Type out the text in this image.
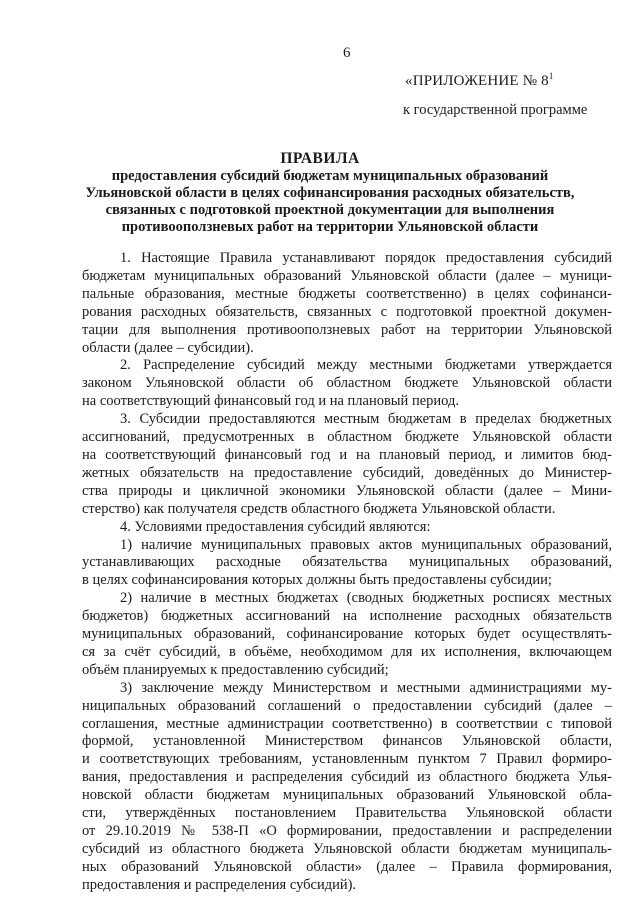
6
«ПРИЛОЖЕНИЕ № $8^1$
к государственной программе
ПРАВИЛА
предоставления субсидий бюджетам муниципальных образований
Ульяновской области в целях софинансирования расходных обязательств,
связанных с подготовкой проектной документации для выполнения
противооползневых работ на территории Ульяновской области
1. Настоящие Правила устанавливают порядок предоставления субсидий
бюджетам муниципальных образований Ульяновской области (далее – муници-
пальные образования, местные бюджеты соответственно) в целях софинанси-
рования расходных обязательств, связанных с подготовкой проектной докумен-
тации для выполнения противооползневых работ на территории Ульяновской
области (далее – субсидии).
2. Распределение субсидий между местными бюджетами утверждается
законом Ульяновской области об областном бюджете Ульяновской области
на соответствующий финансовый год и на плановый период.
3. Субсидии предоставляются местным бюджетам в пределах бюджетных
ассигнований, предусмотренных в областном бюджете Ульяновской области
на соответствующий финансовый год и на плановый период, и лимитов бюд-
жетных обязательств на предоставление субсидий, доведённых до Министер-
ства природы и цикличной экономики Ульяновской области (далее – Мини-
стерство) как получателя средств областного бюджета Ульяновской области.
4. Условиями предоставления субсидий являются:
1) наличие муниципальных правовых актов муниципальных образований,
устанавливающих расходные обязательства муниципальных образований,
в целях софинансирования которых должны быть предоставлены субсидии;
2) наличие в местных бюджетах (сводных бюджетных росписях местных
бюджетов) бюджетных ассигнований на исполнение расходных обязательств
муниципальных образований, софинансирование которых будет осуществлять-
ся за счёт субсидий, в объёме, необходимом для их исполнения, включающем
объём планируемых к предоставлению субсидий;
3) заключение между Министерством и местными администрациями му-
ниципальных образований соглашений о предоставлении субсидий (далее –
соглашения, местные администрации соответственно) в соответствии с типовой
формой, установленной Министерством финансов Ульяновской области,
и соответствующих требованиям, установленным пунктом 7 Правил формиро-
вания, предоставления и распределения субсидий из областного бюджета Улья-
новской области бюджетам муниципальных образований Ульяновской обла-
сти, утверждённых постановлением Правительства Ульяновской области
от 29.10.2019 № 538-П «О формировании, предоставлении и распределении
субсидий из областного бюджета Ульяновской области бюджетам муниципаль-
ных образований Ульяновской области» (далее – Правила формирования,
предоставления и распределения субсидий).
